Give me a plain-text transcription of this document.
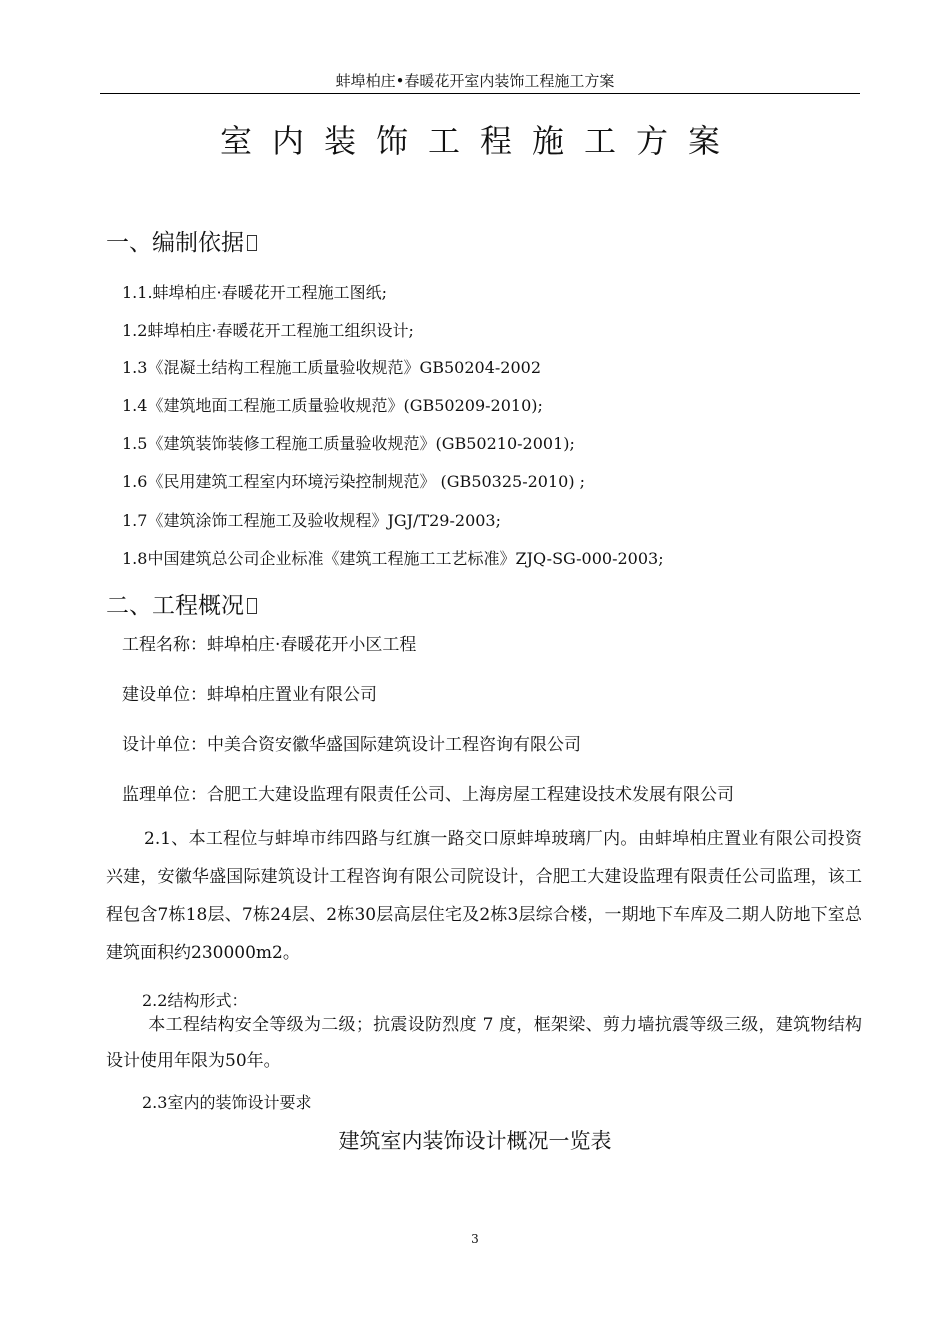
蚌埠柏庄•春暖花开室内装饰工程施工方案
室内装饰工程施工方案
一、编制依据
1.1.蚌埠柏庄·春暖花开工程施工图纸;
1.2蚌埠柏庄·春暖花开工程施工组织设计;
1.3《混凝土结构工程施工质量验收规范》GB50204-2002
1.4《建筑地面工程施工质量验收规范》(GB50209-2010);
1.5《建筑装饰装修工程施工质量验收规范》(GB50210-2001);
1.6《民用建筑工程室内环境污染控制规范》 (GB50325-2010) ;
1.7《建筑涂饰工程施工及验收规程》JGJ/T29-2003;
1.8中国建筑总公司企业标准《建筑工程施工工艺标准》ZJQ-SG-000-2003;
二、工程概况
工程名称：蚌埠柏庄·春暖花开小区工程
建设单位：蚌埠柏庄置业有限公司
设计单位：中美合资安徽华盛国际建筑设计工程咨询有限公司
监理单位：合肥工大建设监理有限责任公司、上海房屋工程建设技术发展有限公司
2.1、本工程位与蚌埠市纬四路与红旗一路交口原蚌埠玻璃厂内。由蚌埠柏庄置业有限公司投资兴建，安徽华盛国际建筑设计工程咨询有限公司院设计，合肥工大建设监理有限责任公司监理，该工程包含7栋18层、7栋24层、2栋30层高层住宅及2栋3层综合楼，一期地下车库及二期人防地下室总建筑面积约230000m2。
2.2结构形式：
本工程结构安全等级为二级；抗震设防烈度 7 度，框架梁、剪力墙抗震等级三级，建筑物结构设计使用年限为50年。
2.3室内的装饰设计要求
建筑室内装饰设计概况一览表
3
